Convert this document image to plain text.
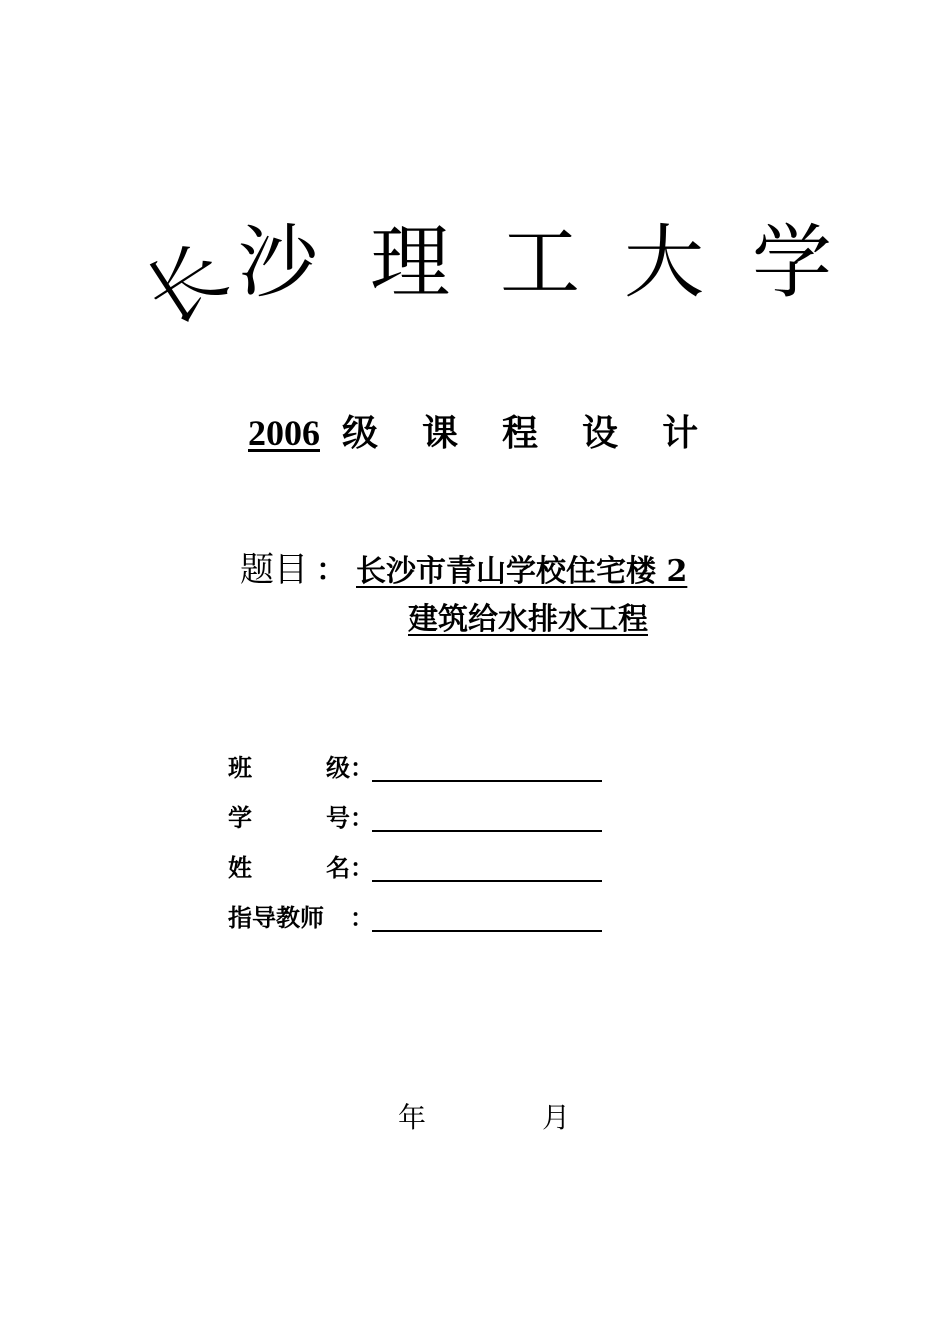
长
沙 理 工 大 学
2006 级 课 程 设 计
题目 ： 长沙市青山学校住宅楼 2
建筑给水排水工程
班	级 ：
学	号 ：
姓	名 ：
指导教师	：
年	月
